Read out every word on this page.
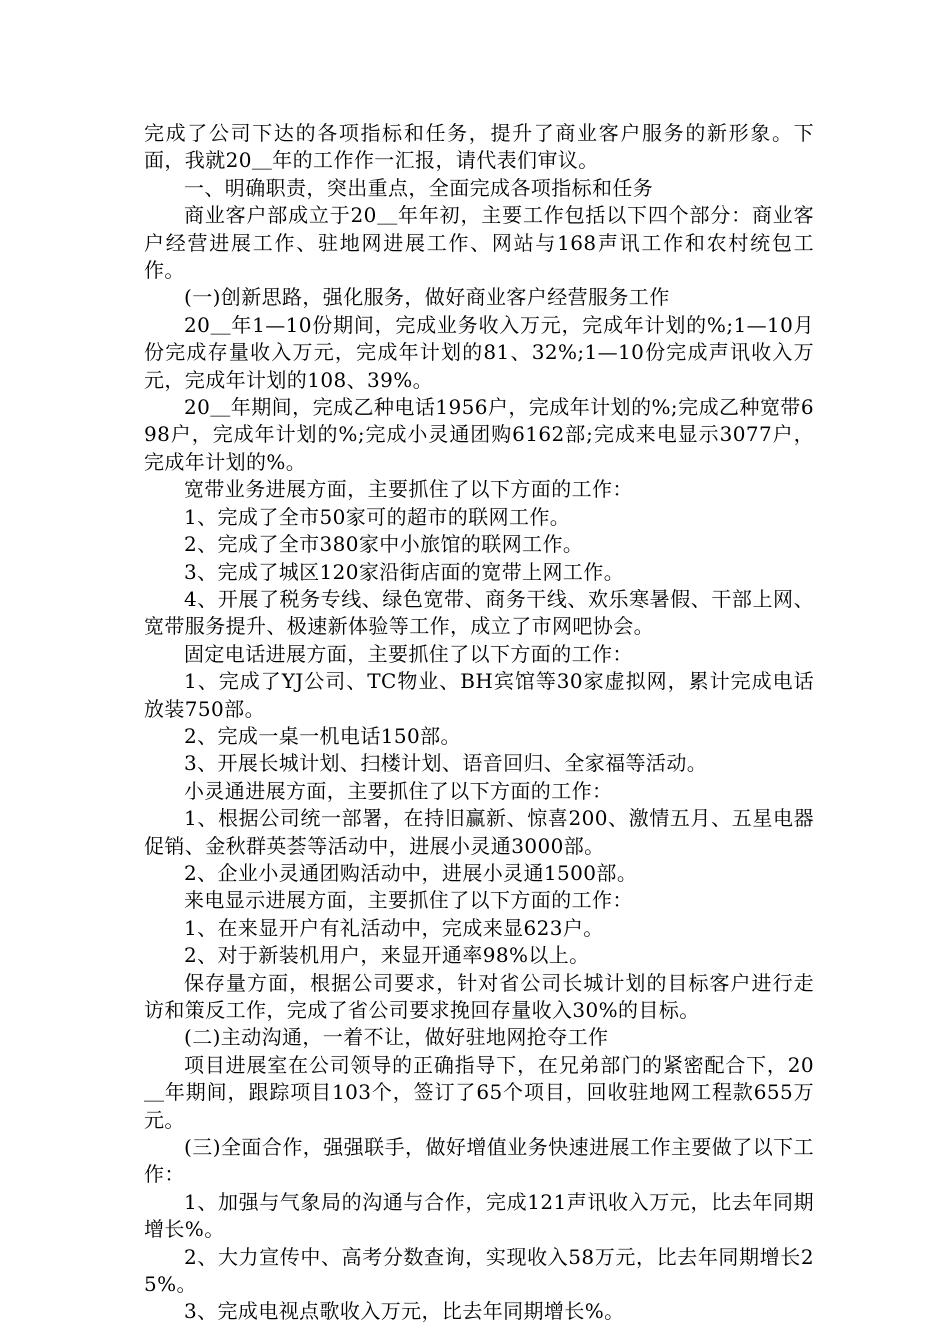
完成了公司下达的各项指标和任务，提升了商业客户服务的新形象。下面，我就20＿年的工作作一汇报，请代表们审议。

一、明确职责，突出重点，全面完成各项指标和任务

商业客户部成立于20＿年年初，主要工作包括以下四个部分：商业客户经营进展工作、驻地网进展工作、网站与168声讯工作和农村统包工作。

(一)创新思路，强化服务，做好商业客户经营服务工作

20＿年1—10份期间，完成业务收入万元，完成年计划的%;1—10月份完成存量收入万元，完成年计划的81、32%;1—10份完成声讯收入万元，完成年计划的108、39%。

20＿年期间，完成乙种电话1956户，完成年计划的%;完成乙种宽带698户，完成年计划的%;完成小灵通团购6162部;完成来电显示3077户，完成年计划的%。

宽带业务进展方面，主要抓住了以下方面的工作：

1、完成了全市50家可的超市的联网工作。

2、完成了全市380家中小旅馆的联网工作。

3、完成了城区120家沿街店面的宽带上网工作。

4、开展了税务专线、绿色宽带、商务干线、欢乐寒暑假、干部上网、宽带服务提升、极速新体验等工作，成立了市网吧协会。

固定电话进展方面，主要抓住了以下方面的工作：

1、完成了YJ公司、TC物业、BH宾馆等30家虚拟网，累计完成电话放装750部。

2、完成一桌一机电话150部。

3、开展长城计划、扫楼计划、语音回归、全家福等活动。

小灵通进展方面，主要抓住了以下方面的工作：

1、根据公司统一部署，在持旧赢新、惊喜200、激情五月、五星电器促销、金秋群英荟等活动中，进展小灵通3000部。

2、企业小灵通团购活动中，进展小灵通1500部。

来电显示进展方面，主要抓住了以下方面的工作：

1、在来显开户有礼活动中，完成来显623户。

2、对于新装机用户，来显开通率98%以上。

保存量方面，根据公司要求，针对省公司长城计划的目标客户进行走访和策反工作，完成了省公司要求挽回存量收入30%的目标。

(二)主动沟通，一着不让，做好驻地网抢夺工作

项目进展室在公司领导的正确指导下，在兄弟部门的紧密配合下，20＿年期间，跟踪项目103个，签订了65个项目，回收驻地网工程款655万元。

(三)全面合作，强强联手，做好增值业务快速进展工作主要做了以下工作：

1、加强与气象局的沟通与合作，完成121声讯收入万元，比去年同期增长%。

2、大力宣传中、高考分数查询，实现收入58万元，比去年同期增长25%。

3、完成电视点歌收入万元，比去年同期增长%。
